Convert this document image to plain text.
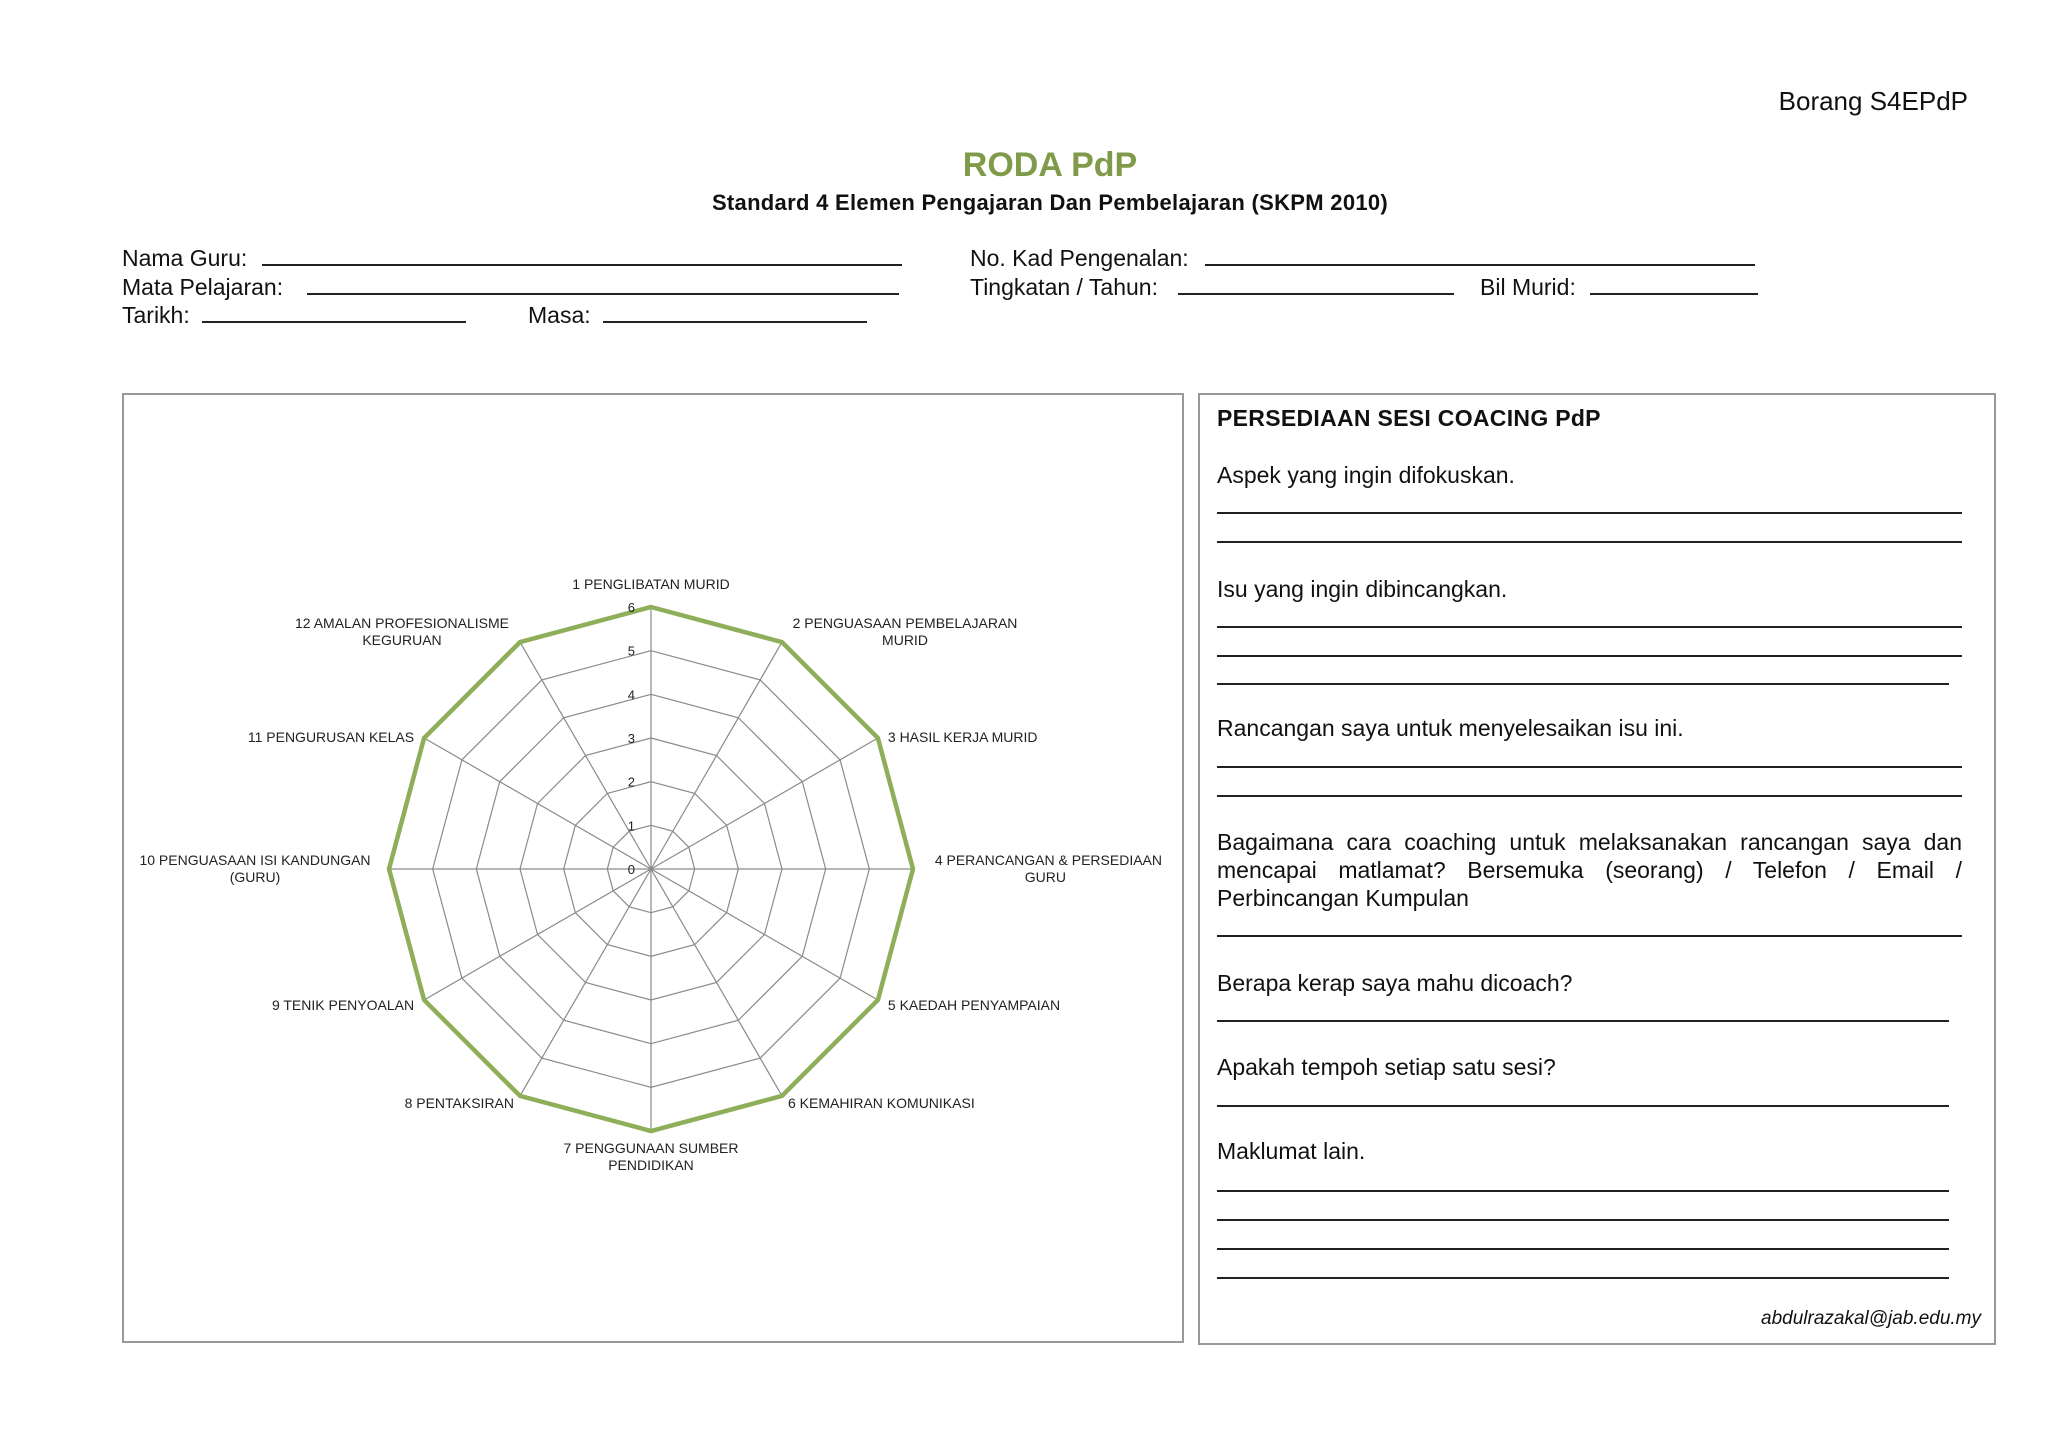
Borang S4EPdP
RODA PdP
Standard 4 Elemen Pengajaran Dan Pembelajaran (SKPM 2010)
Nama Guru:
Mata Pelajaran:
Tarikh:	Masa:
No. Kad Pengenalan:
Tingkatan / Tahun:	Bil Murid:
0
1
2
3
4
5
6
1 PENGLIBATAN MURID
2 PENGUASAAN PEMBELAJARAN MURID
3 HASIL KERJA MURID
4 PERANCANGAN & PERSEDIAAN GURU
5 KAEDAH PENYAMPAIAN
6 KEMAHIRAN KOMUNIKASI
7 PENGGUNAAN SUMBER PENDIDIKAN
8 PENTAKSIRAN
9 TENIK PENYOALAN
10 PENGUASAAN ISI KANDUNGAN (GURU)
11 PENGURUSAN KELAS
12 AMALAN PROFESIONALISME KEGURUAN
PERSEDIAAN SESI COACING PdP
Aspek yang ingin difokuskan.
Isu yang ingin dibincangkan.
Rancangan saya untuk menyelesaikan isu ini.
Bagaimana cara coaching untuk melaksanakan rancangan saya dan mencapai matlamat? Bersemuka (seorang) / Telefon / Email / Perbincangan Kumpulan
Berapa kerap saya mahu dicoach?
Apakah tempoh setiap satu sesi?
Maklumat lain.
abdulrazakal@jab.edu.my
